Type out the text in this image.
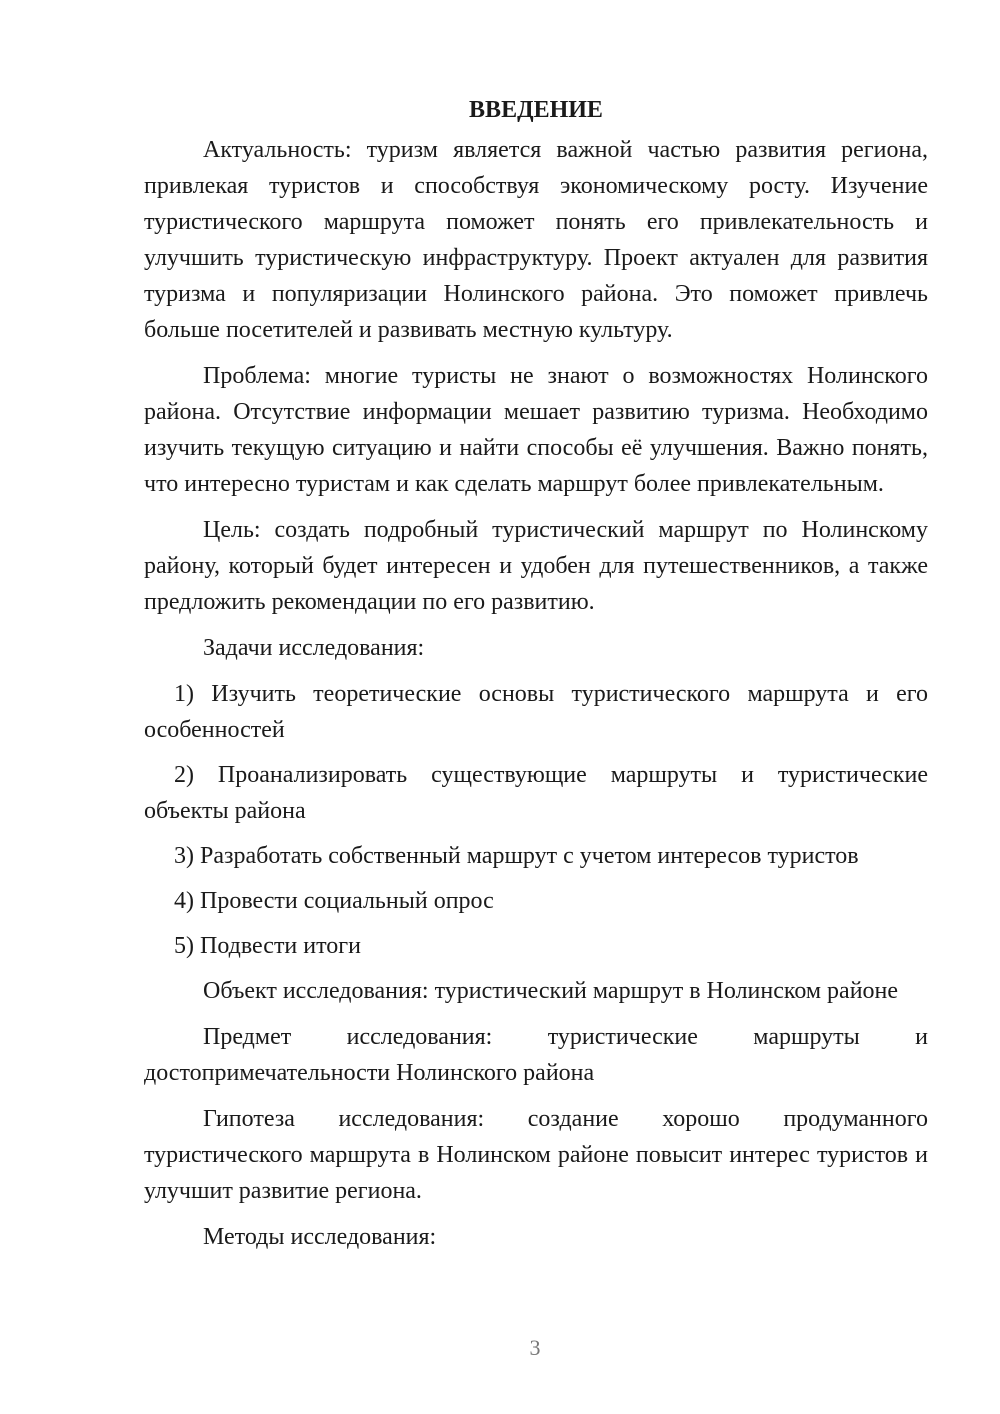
ВВЕДЕНИЕ

Актуальность: туризм является важной частью развития региона, привлекая туристов и способствуя экономическому росту. Изучение туристического маршрута поможет понять его привлекательность и улучшить туристическую инфраструктуру. Проект актуален для развития туризма и популяризации Нолинского района. Это поможет привлечь больше посетителей и развивать местную культуру.

Проблема: многие туристы не знают о возможностях Нолинского района. Отсутствие информации мешает развитию туризма. Необходимо изучить текущую ситуацию и найти способы её улучшения. Важно понять, что интересно туристам и как сделать маршрут более привлекательным.

Цель: создать подробный туристический маршрут по Нолинскому району, который будет интересен и удобен для путешественников, а также предложить рекомендации по его развитию.

Задачи исследования:

1) Изучить теоретические основы туристического маршрута и его особенностей

2) Проанализировать существующие маршруты и туристические объекты района

3) Разработать собственный маршрут с учетом интересов туристов

4) Провести социальный опрос

5) Подвести итоги

Объект исследования: туристический маршрут в Нолинском районе

Предмет исследования: туристические маршруты и достопримечательности Нолинского района

Гипотеза исследования: создание хорошо продуманного туристического маршрута в Нолинском районе повысит интерес туристов и улучшит развитие региона.

Методы исследования:

3
